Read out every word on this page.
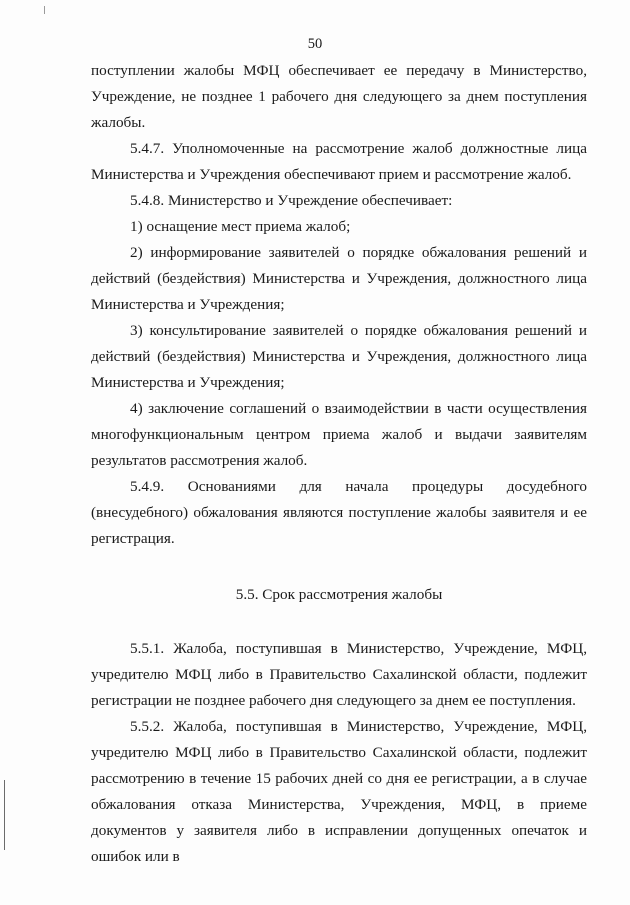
50

поступлении жалобы МФЦ обеспечивает ее передачу в Министерство, Учреждение, не позднее 1 рабочего дня следующего за днем поступления жалобы.

5.4.7. Уполномоченные на рассмотрение жалоб должностные лица Министерства и Учреждения обеспечивают прием и рассмотрение жалоб.

5.4.8. Министерство и Учреждение обеспечивает:

1) оснащение мест приема жалоб;

2) информирование заявителей о порядке обжалования решений и действий (бездействия) Министерства и Учреждения, должностного лица Министерства и Учреждения;

3) консультирование заявителей о порядке обжалования решений и действий (бездействия) Министерства и Учреждения, должностного лица Министерства и Учреждения;

4) заключение соглашений о взаимодействии в части осуществления многофункциональным центром приема жалоб и выдачи заявителям результатов рассмотрения жалоб.

5.4.9. Основаниями для начала процедуры досудебного (внесудебного) обжалования являются поступление жалобы заявителя и ее регистрация.

5.5. Срок рассмотрения жалобы

5.5.1. Жалоба, поступившая в Министерство, Учреждение, МФЦ, учредителю МФЦ либо в Правительство Сахалинской области, подлежит регистрации не позднее рабочего дня следующего за днем ее поступления.

5.5.2. Жалоба, поступившая в Министерство, Учреждение, МФЦ, учредителю МФЦ либо в Правительство Сахалинской области, подлежит рассмотрению в течение 15 рабочих дней со дня ее регистрации, а в случае обжалования отказа Министерства, Учреждения, МФЦ, в приеме документов у заявителя либо в исправлении допущенных опечаток и ошибок или в
